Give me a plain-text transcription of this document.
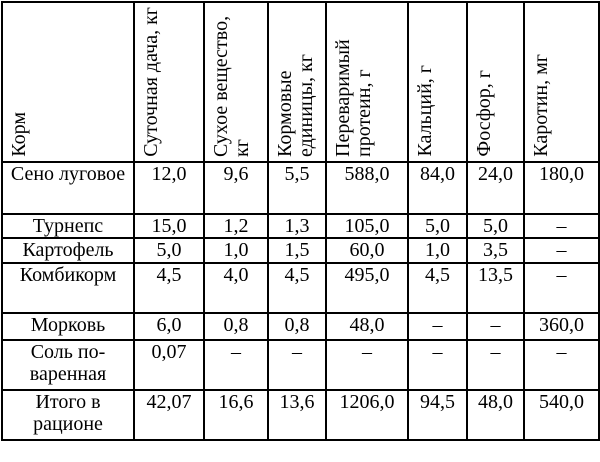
Корм	Суточная дача, кг	Сухое вещество, кг	Кормовые единицы, кг	Переваримый протеин, г	Кальций, г	Фосфор, г	Каротин, мг

Сено луговое	12,0	9,6	5,5	588,0	84,0	24,0	180,0
Турнепс	15,0	1,2	1,3	105,0	5,0	5,0	–
Картофель	5,0	1,0	1,5	60,0	1,0	3,5	–
Комбикорм	4,5	4,0	4,5	495,0	4,5	13,5	–
Морковь	6,0	0,8	0,8	48,0	–	–	360,0
Соль поваренная	0,07	–	–	–	–	–	–
Итого в рационе	42,07	16,6	13,6	1206,0	94,5	48,0	540,0
